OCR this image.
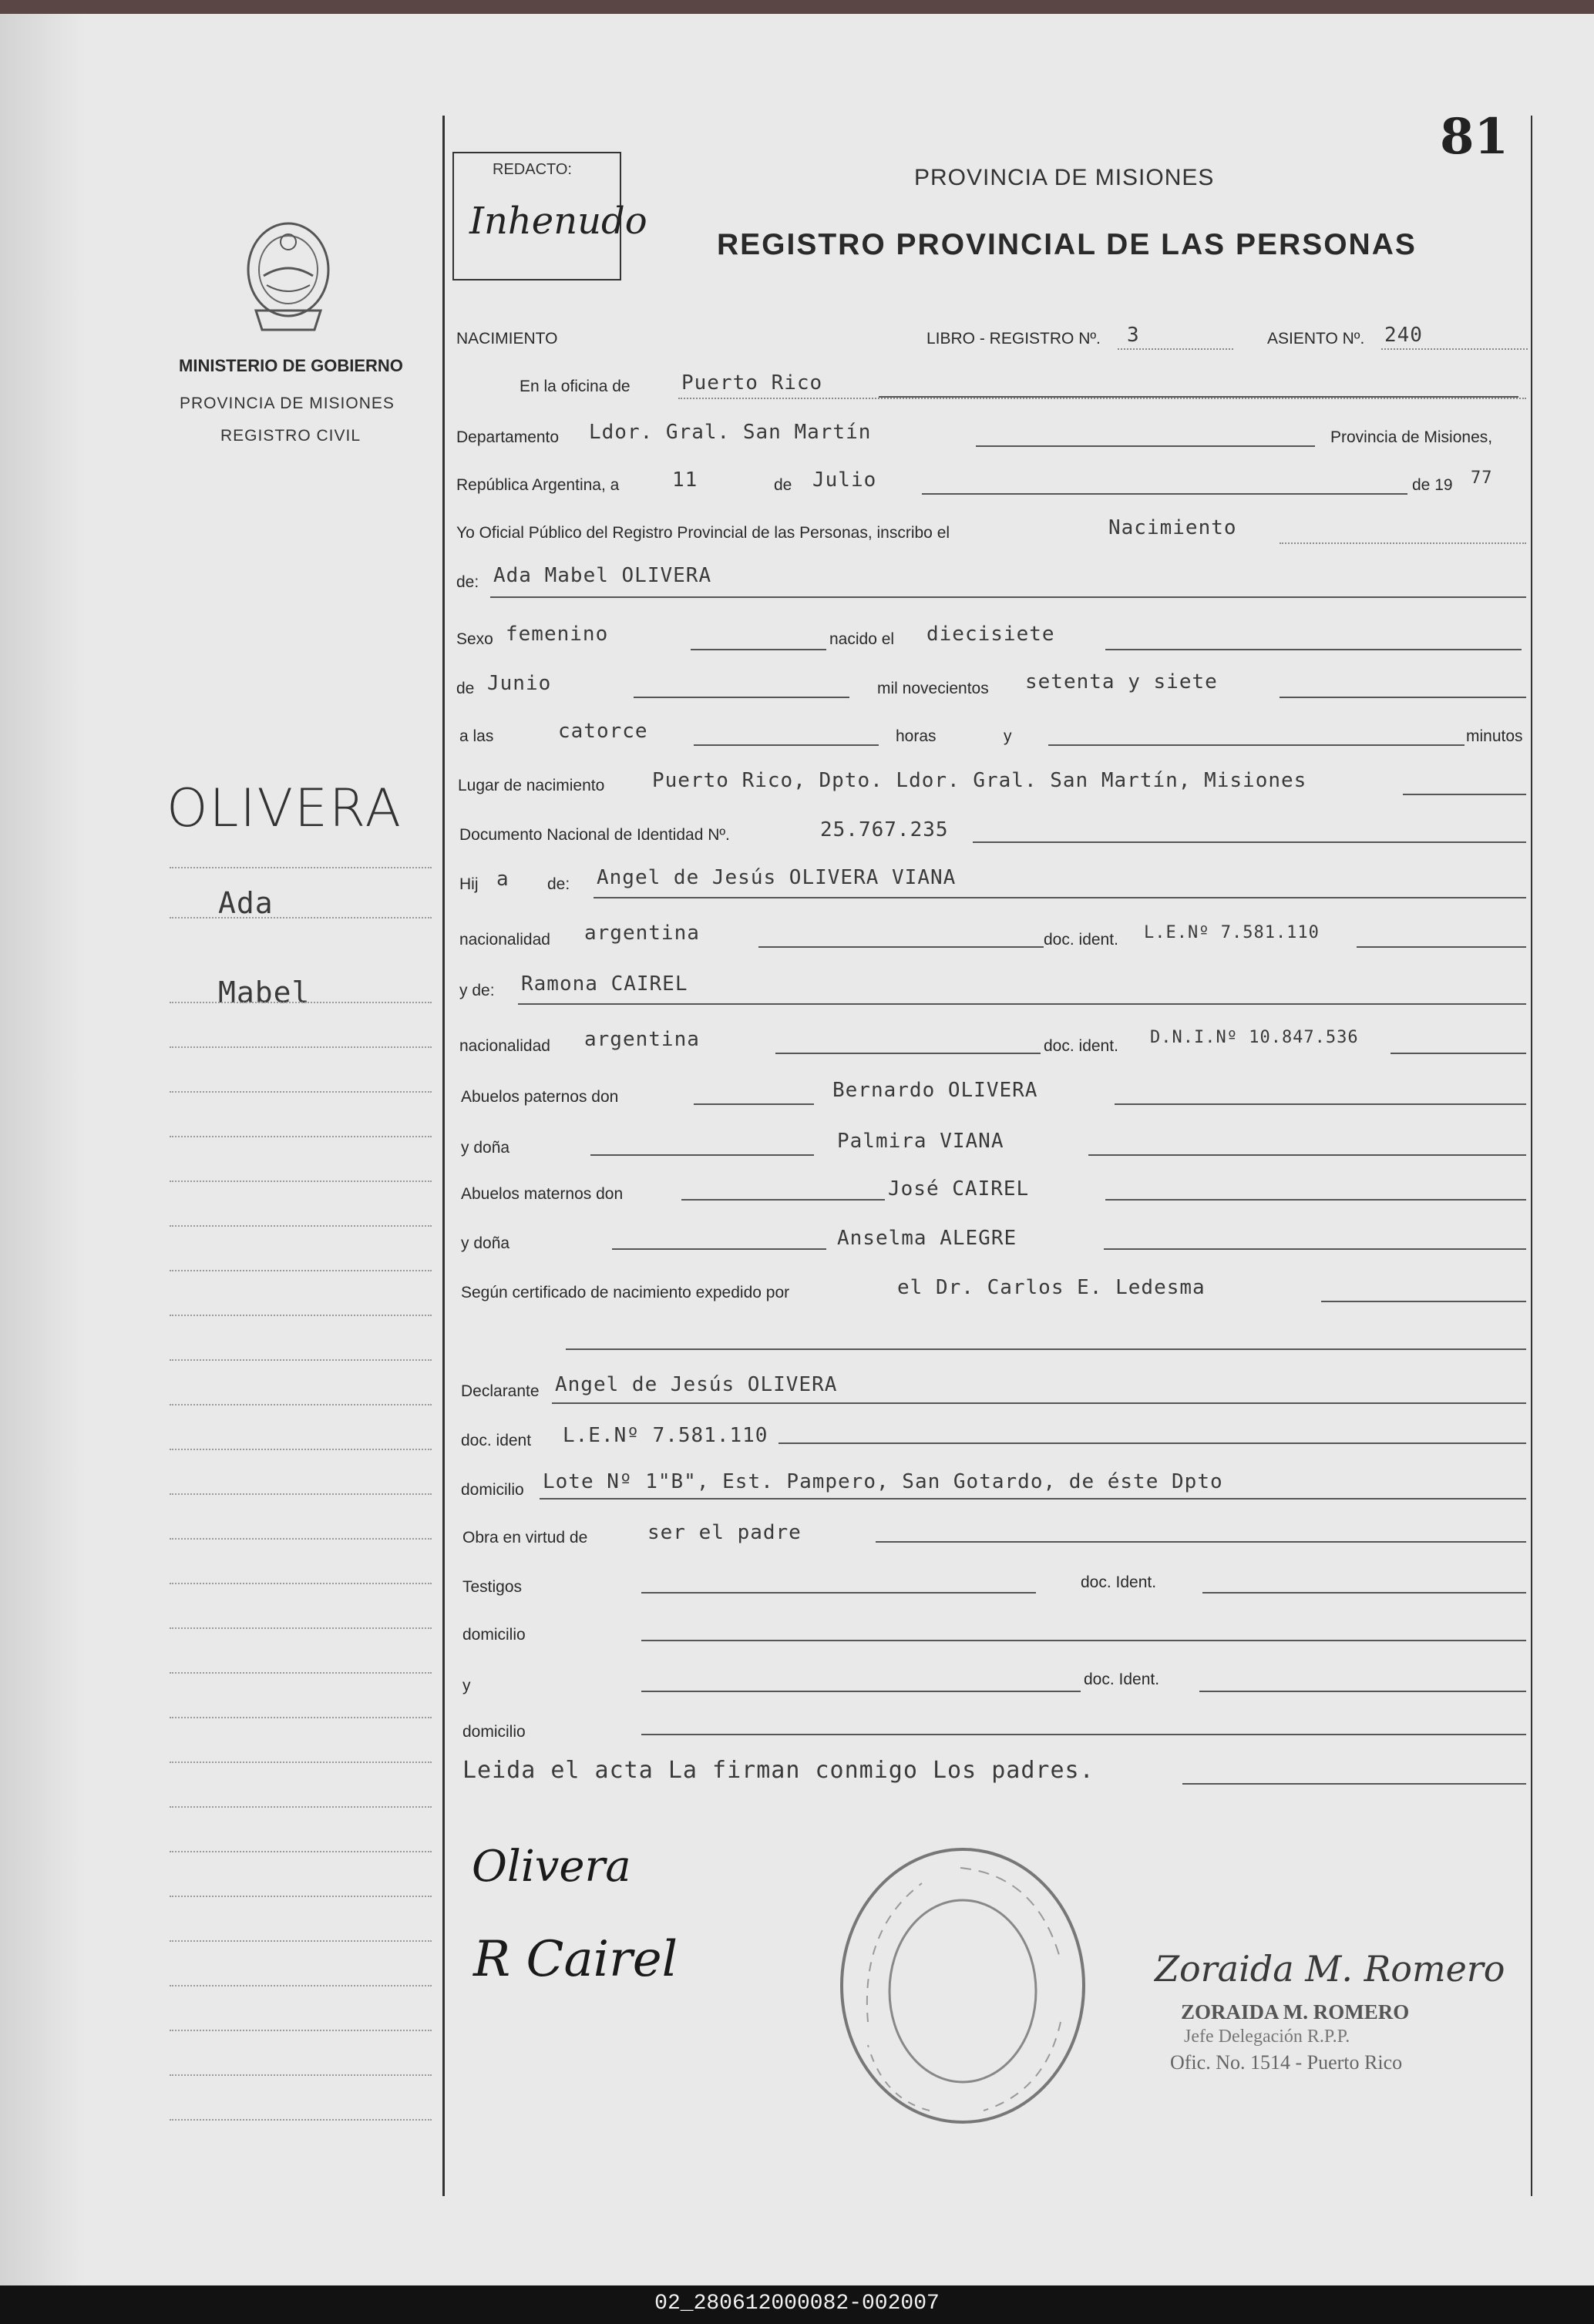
81
REDACTO:
Inhenudo
PROVINCIA DE MISIONES
REGISTRO PROVINCIAL DE LAS PERSONAS
MINISTERIO DE GOBIERNO
PROVINCIA DE MISIONES
REGISTRO CIVIL
OLIVERA
Ada
Mabel
NACIMIENTO	LIBRO - REGISTRO Nº. 3	ASIENTO Nº. 240
En la oficina de	Puerto Rico
Departamento Ldor. Gral. San Martín	Provincia de Misiones,
República Argentina, a	11	de Julio	de 19 77
Yo Oficial Público del Registro Provincial de las Personas, inscribo el	Nacimiento
de: Ada Mabel OLIVERA
Sexo femenino	nacido el diecisiete
de Junio	mil novecientos setenta y siete
a las	catorce	horas	y	minutos
Lugar de nacimiento Puerto Rico, Dpto. Ldor. Gral. San Martín, Misiones
Documento Nacional de Identidad Nº.	25.767.235
Hij a de: Angel de Jesús OLIVERA VIANA
nacionalidad argentina	doc. ident. L.E.Nº 7.581.110
y de: Ramona CAIREL
nacionalidad argentina	doc. ident. D.N.I.Nº 10.847.536
Abuelos paternos don	Bernardo OLIVERA
y doña	Palmira VIANA
Abuelos maternos don	José CAIREL
y doña	Anselma ALEGRE
Según certificado de nacimiento expedido por	el Dr. Carlos E. Ledesma
Declarante Angel de Jesús OLIVERA
doc. ident L.E.Nº 7.581.110
domicilio Lote Nº 1"B", Est. Pampero, San Gotardo, de éste Dpto
Obra en virtud de	ser el padre
Testigos	doc. Ident.
domicilio
y	doc. Ident.
domicilio
Leida el acta La firman conmigo Los padres.
Olivera
R Cairel	Zoraida M. Romero
ZORAIDA M. ROMERO
Jefe Delegación R.P.P.
Ofic. No. 1514 - Puerto Rico
02_280612000082-002007
